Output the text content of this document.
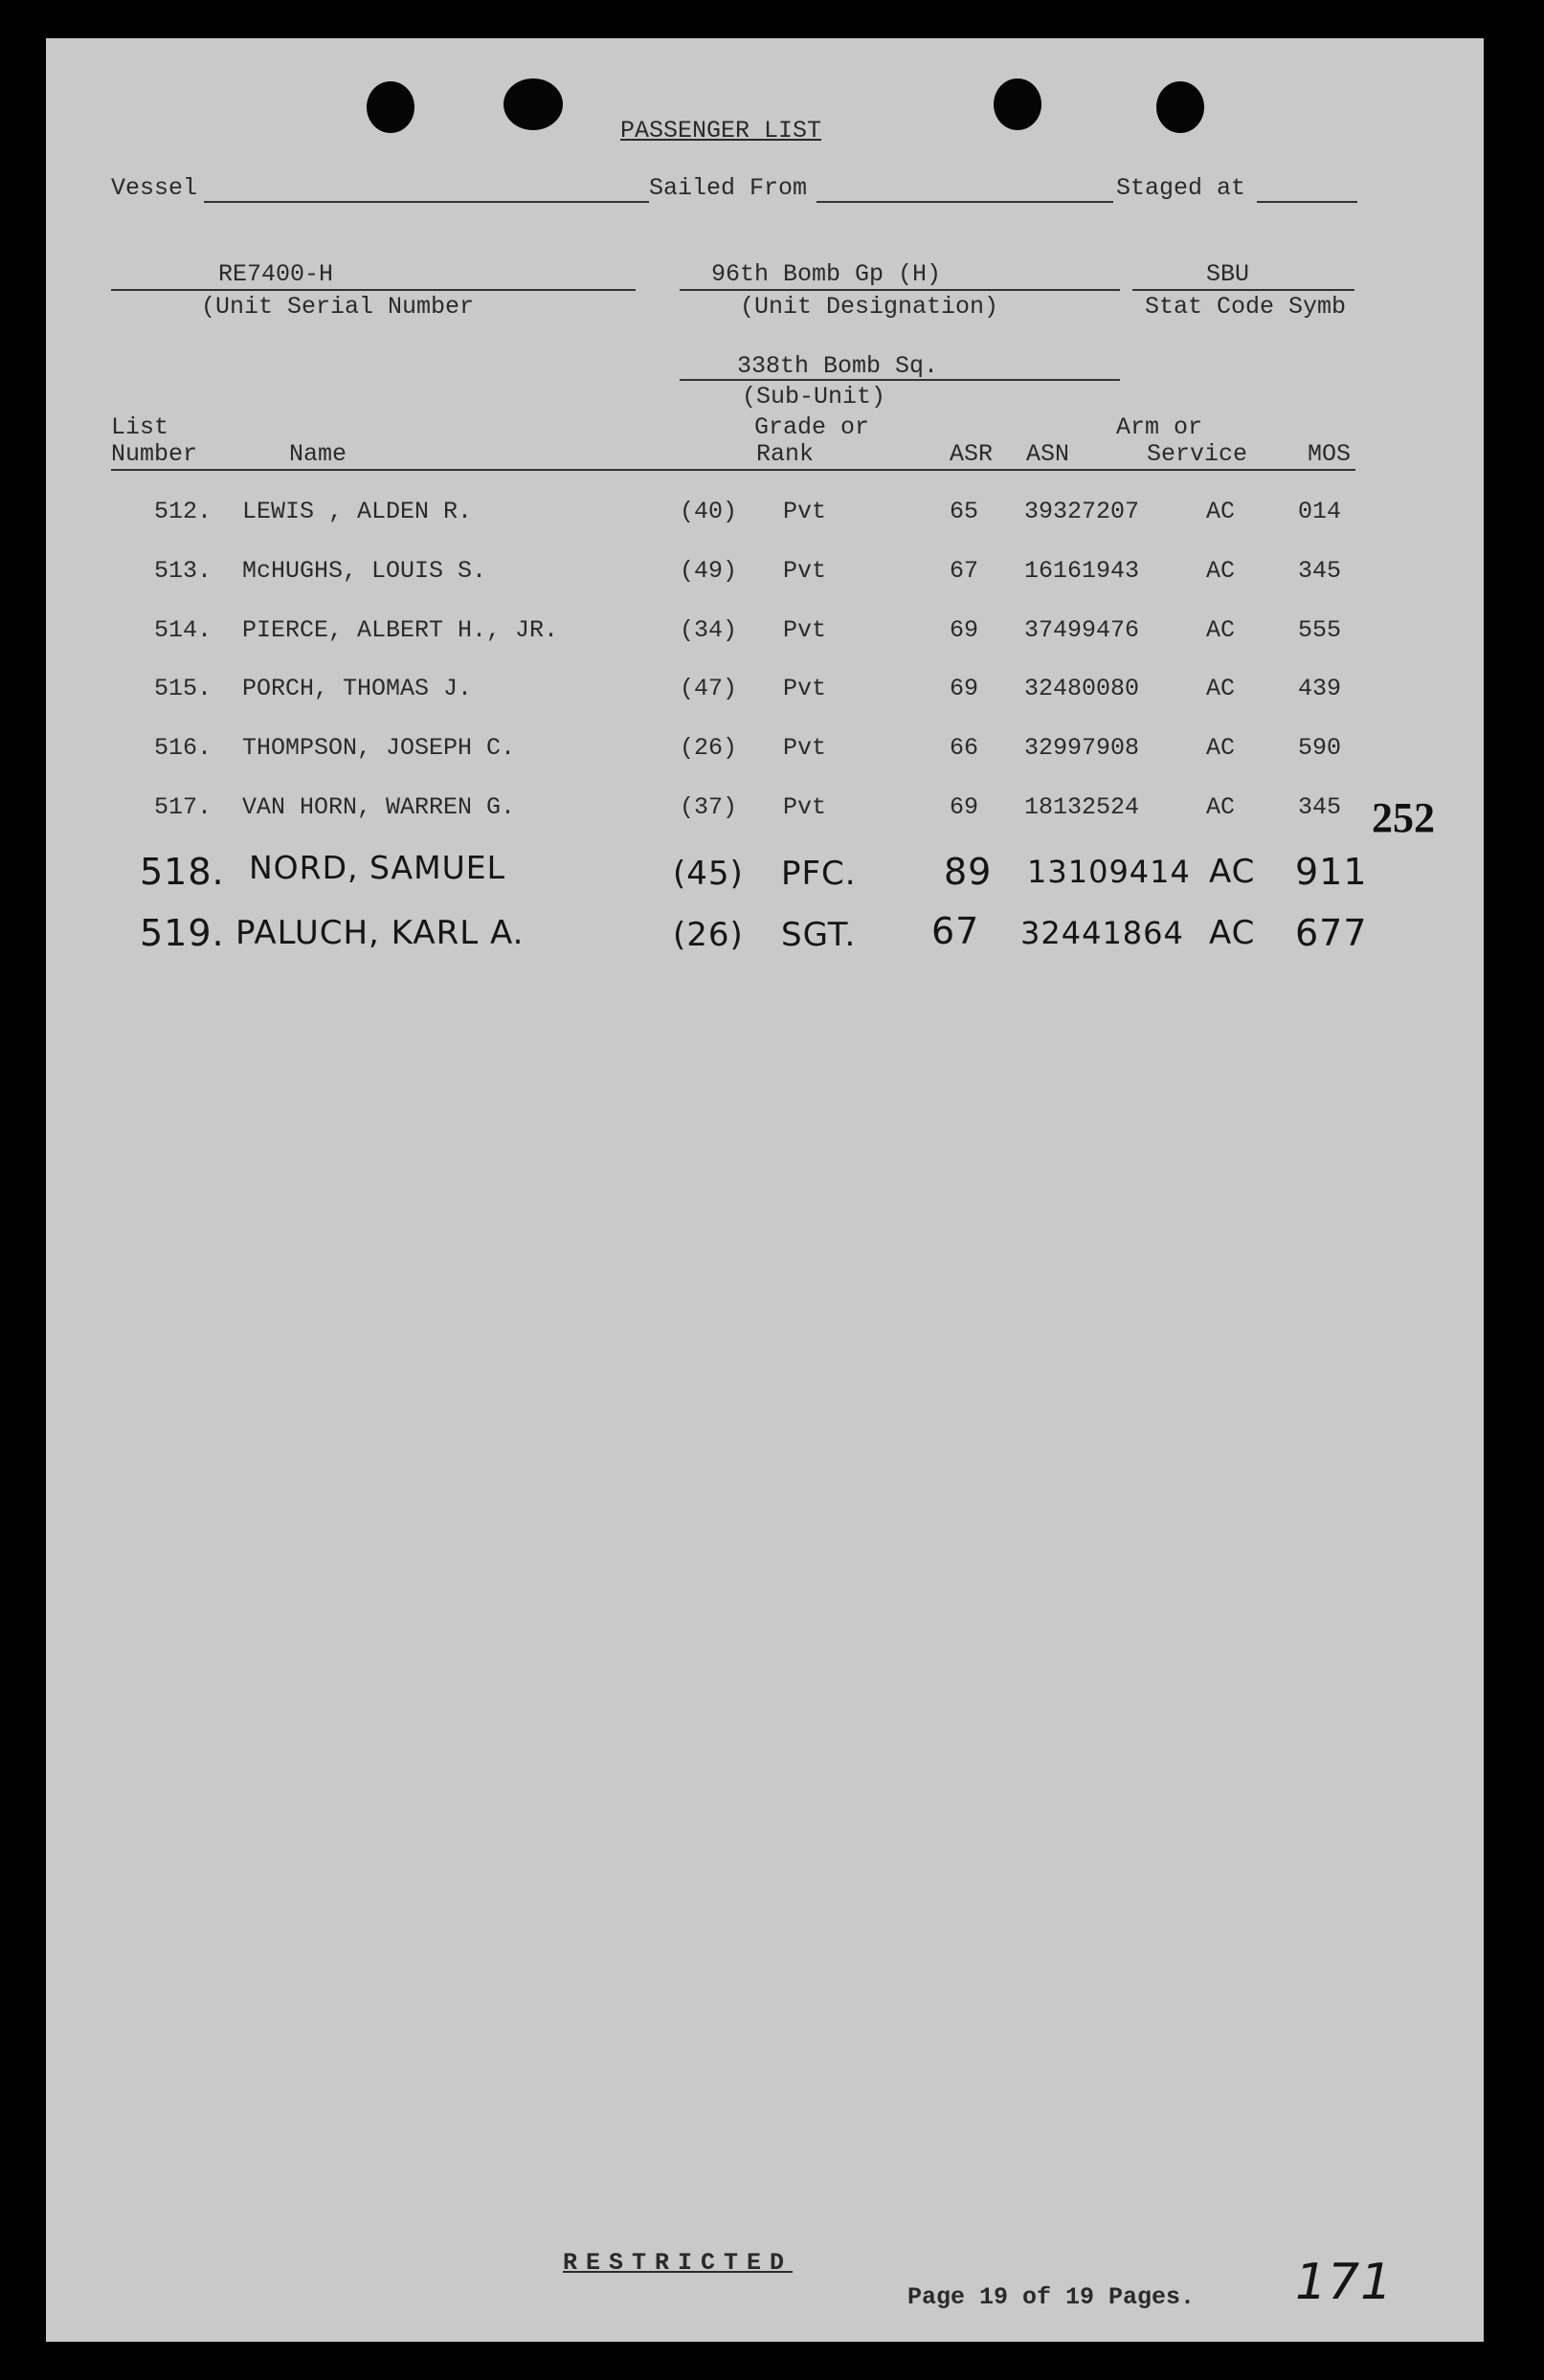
PASSENGER LIST
Vessel	Sailed From	Staged at
RE7400-H
(Unit Serial Number
96th Bomb Gp (H)
(Unit Designation)
SBU
Stat Code Symb
338th Bomb Sq.
(Sub-Unit)
List
Number	Name
Grade or
Rank	ASR ASN
Arm or
Service	MOS
512. LEWIS , ALDEN R.	(40) Pvt	65 39327207	AC	014
513. McHUGHS, LOUIS S.	(49) Pvt	67 16161943	AC	345
514. PIERCE, ALBERT H., JR.	(34) Pvt	69 37499476	AC	555
515. PORCH, THOMAS J.	(47) Pvt	69 32480080	AC	439
516. THOMPSON, JOSEPH C.	(26) Pvt	66 32997908	AC	590
517. VAN HORN, WARREN G.	(37) Pvt	69 18132524	AC	345
518. NORD, SAMUEL	(45) PFC. 89 13109414 AC 911
519. PALUCH, KARL A.	(26) SGT. 67 32441864 AC 677
252
RESTRICTED
Page 19 of 19 Pages. 171
